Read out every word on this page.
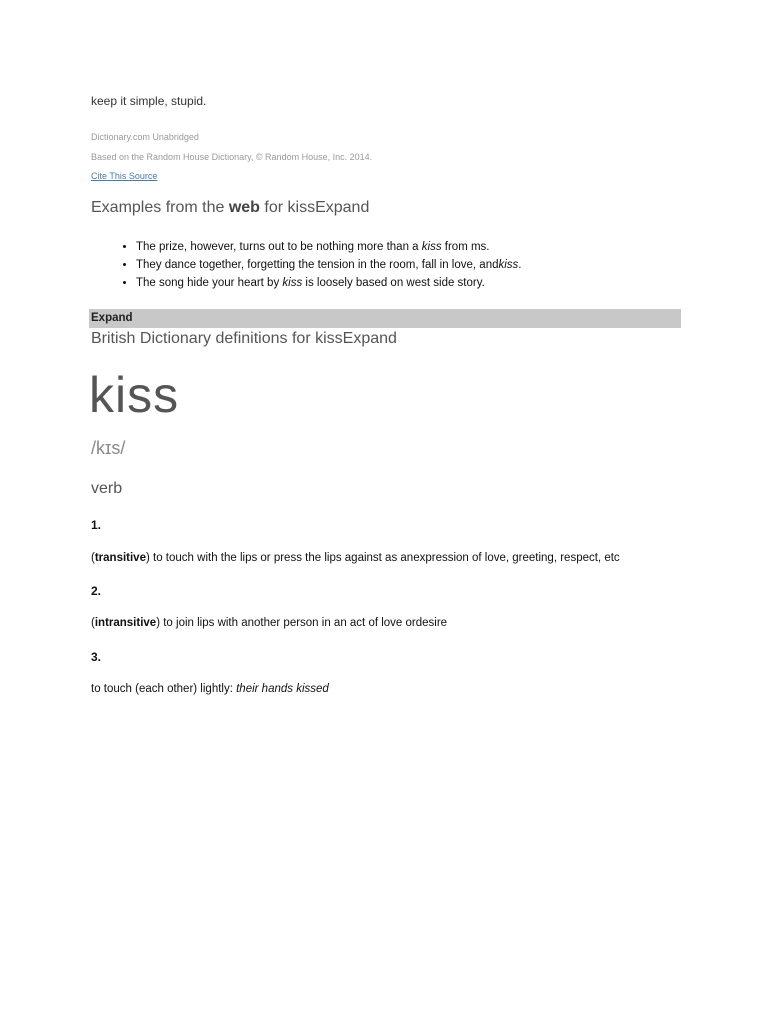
keep it simple, stupid.
Dictionary.com Unabridged
Based on the Random House Dictionary, © Random House, Inc. 2014.
Cite This Source
Examples from the web for kissExpand
• The prize, however, turns out to be nothing more than a kiss from ms.
• They dance together, forgetting the tension in the room, fall in love, andkiss.
• The song hide your heart by kiss is loosely based on west side story.
Expand
British Dictionary definitions for kissExpand
kiss
/kɪs/
verb
1.
(transitive) to touch with the lips or press the lips against as anexpression of love, greeting, respect, etc
2.
(intransitive) to join lips with another person in an act of love ordesire
3.
to touch (each other) lightly: their hands kissed
